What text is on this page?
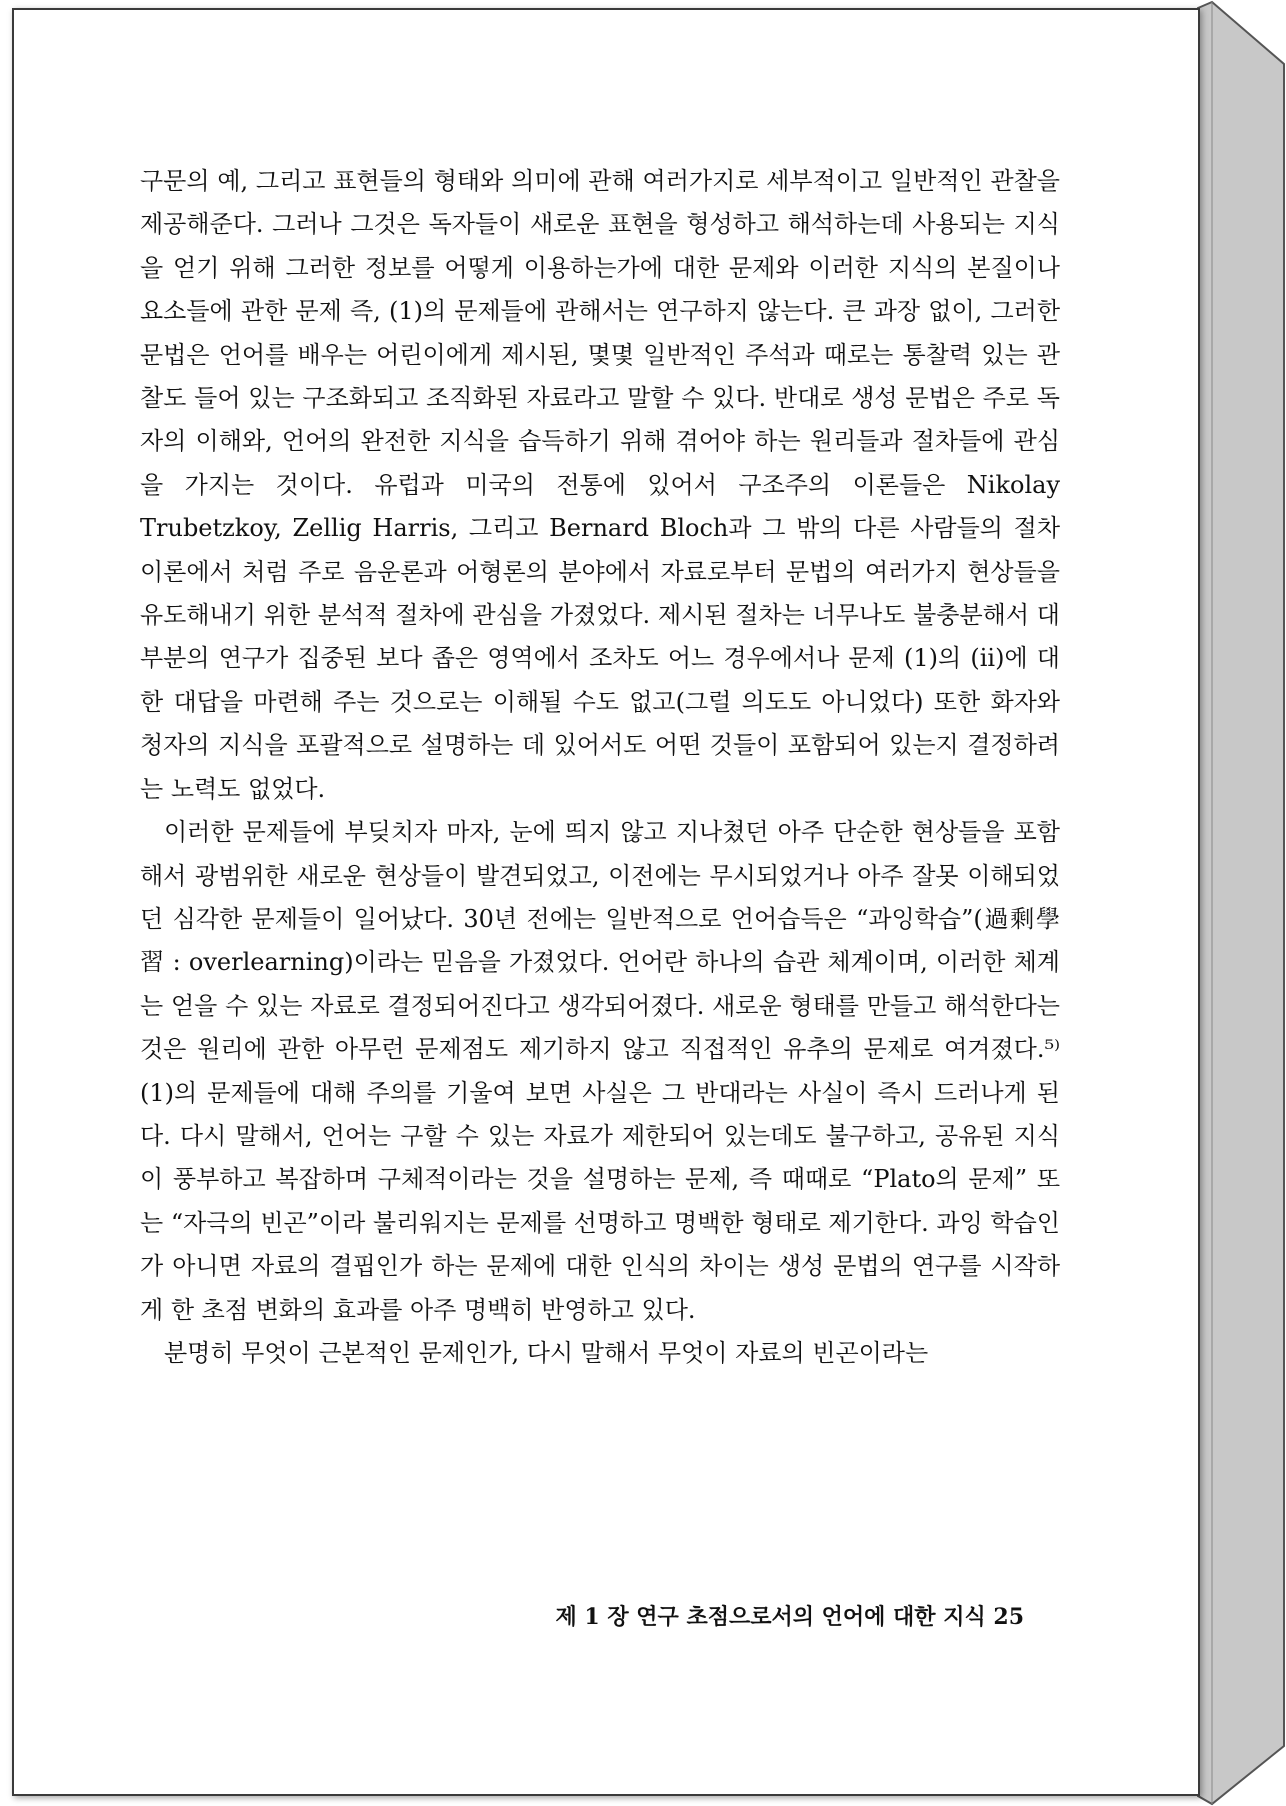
구문의 예, 그리고 표현들의 형태와 의미에 관해 여러가지로 세부적이고 일반적인 관찰을 제공해준다. 그러나 그것은 독자들이 새로운 표현을 형성하고 해석하는데 사용되는 지식을 얻기 위해 그러한 정보를 어떻게 이용하는가에 대한 문제와 이러한 지식의 본질이나 요소들에 관한 문제 즉, (1)의 문제들에 관해서는 연구하지 않는다. 큰 과장 없이, 그러한 문법은 언어를 배우는 어린이에게 제시된, 몇몇 일반적인 주석과 때로는 통찰력 있는 관찰도 들어 있는 구조화되고 조직화된 자료라고 말할 수 있다. 반대로 생성 문법은 주로 독자의 이해와, 언어의 완전한 지식을 습득하기 위해 겪어야 하는 원리들과 절차들에 관심을 가지는 것이다. 유럽과 미국의 전통에 있어서 구조주의 이론들은 Nikolay Trubetzkoy, Zellig Harris, 그리고 Bernard Bloch과 그 밖의 다른 사람들의 절차 이론에서 처럼 주로 음운론과 어형론의 분야에서 자료로부터 문법의 여러가지 현상들을 유도해내기 위한 분석적 절차에 관심을 가졌었다. 제시된 절차는 너무나도 불충분해서 대부분의 연구가 집중된 보다 좁은 영역에서 조차도 어느 경우에서나 문제 (1)의 (ii)에 대한 대답을 마련해 주는 것으로는 이해될 수도 없고(그럴 의도도 아니었다) 또한 화자와 청자의 지식을 포괄적으로 설명하는 데 있어서도 어떤 것들이 포함되어 있는지 결정하려는 노력도 없었다.

이러한 문제들에 부딪치자 마자, 눈에 띄지 않고 지나쳤던 아주 단순한 현상들을 포함해서 광범위한 새로운 현상들이 발견되었고, 이전에는 무시되었거나 아주 잘못 이해되었던 심각한 문제들이 일어났다. 30년 전에는 일반적으로 언어습득은 “과잉학습”(過剩學習 : overlearning)이라는 믿음을 가졌었다. 언어란 하나의 습관 체계이며, 이러한 체계는 얻을 수 있는 자료로 결정되어진다고 생각되어졌다. 새로운 형태를 만들고 해석한다는 것은 원리에 관한 아무런 문제점도 제기하지 않고 직접적인 유추의 문제로 여겨졌다.⁵⁾ (1)의 문제들에 대해 주의를 기울여 보면 사실은 그 반대라는 사실이 즉시 드러나게 된다. 다시 말해서, 언어는 구할 수 있는 자료가 제한되어 있는데도 불구하고, 공유된 지식이 풍부하고 복잡하며 구체적이라는 것을 설명하는 문제, 즉 때때로 “Plato의 문제” 또는 “자극의 빈곤”이라 불리워지는 문제를 선명하고 명백한 형태로 제기한다. 과잉 학습인가 아니면 자료의 결핍인가 하는 문제에 대한 인식의 차이는 생성 문법의 연구를 시작하게 한 초점 변화의 효과를 아주 명백히 반영하고 있다.

분명히 무엇이 근본적인 문제인가, 다시 말해서 무엇이 자료의 빈곤이라는

제 1 장 연구 초점으로서의 언어에 대한 지식 25
